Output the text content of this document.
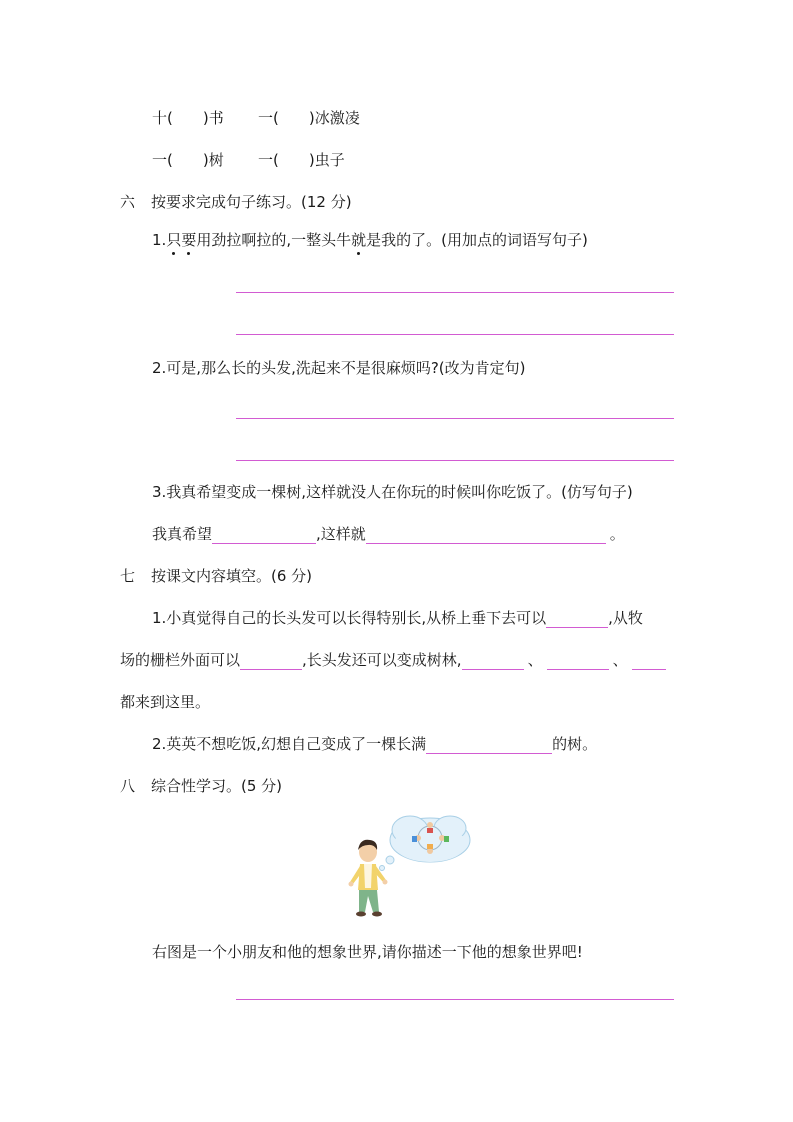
十( )书 一( )冰激凌
一( )树 一( )虫子
六 按要求完成句子练习。(12 分)
1.只要用劲拉啊拉的,一整头牛就是我的了。(用加点的词语写句子)
2.可是,那么长的头发,洗起来不是很麻烦吗?(改为肯定句)
3.我真希望变成一棵树,这样就没人在你玩的时候叫你吃饭了。(仿写句子)
我真希望	,这样就	。
七 按课文内容填空。(6 分)
1.小真觉得自己的长头发可以长得特别长,从桥上垂下去可以	,从牧
场的栅栏外面可以	,长头发还可以变成树林,	、	、
都来到这里。
2.英英不想吃饭,幻想自己变成了一棵长满	的树。
八 综合性学习。(5 分)
右图是一个小朋友和他的想象世界,请你描述一下他的想象世界吧!
